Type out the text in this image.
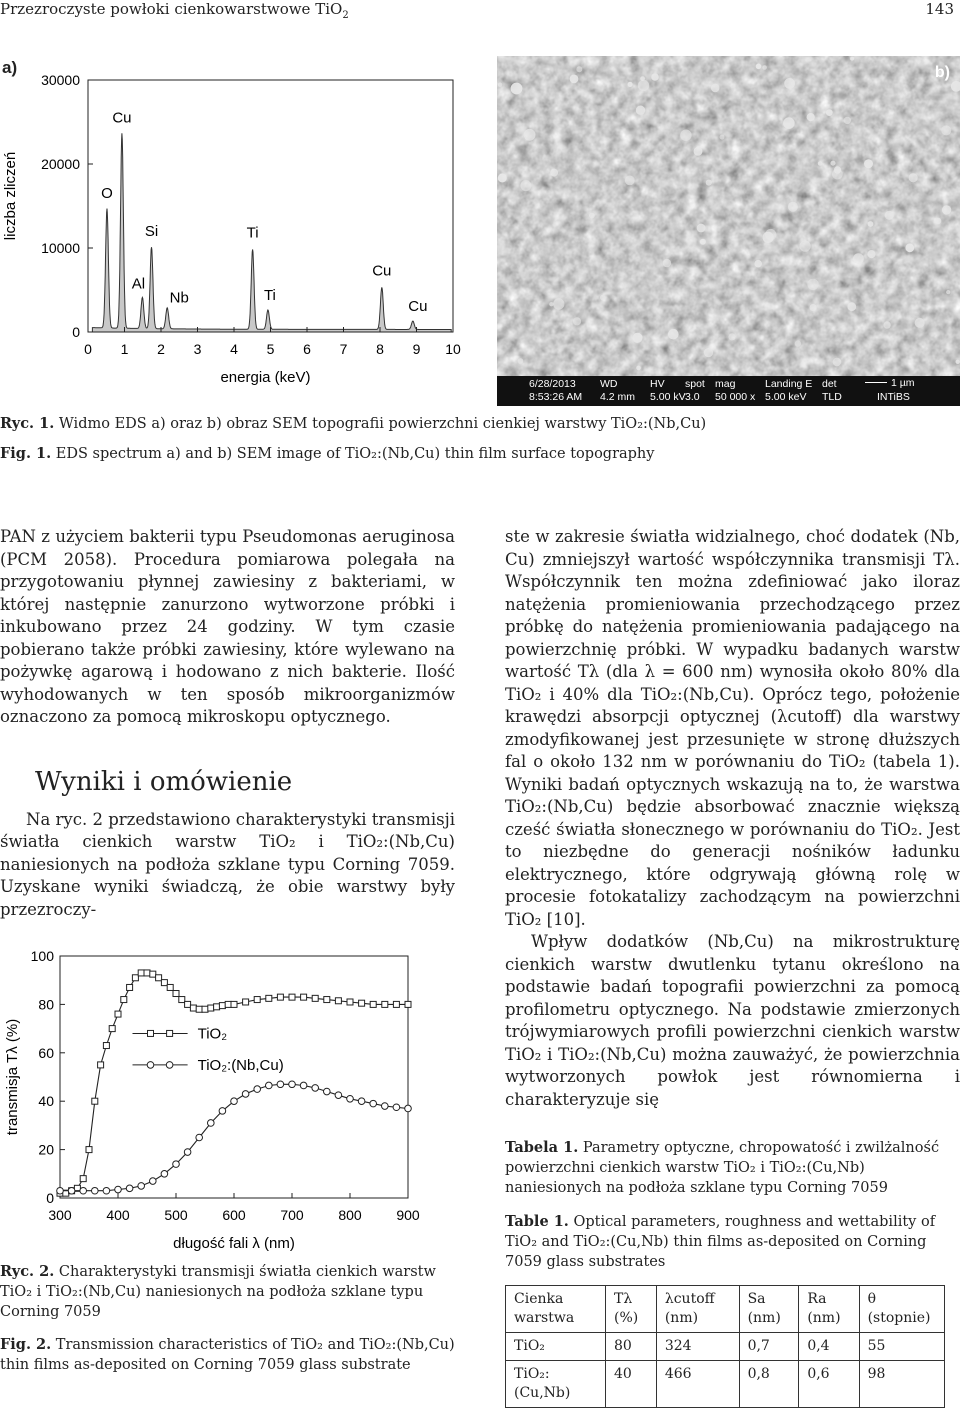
Przezroczyste powłoki cienkowarstwowe TiO$_2$	143
a)
0 1 2 3 4 5 6 7 8 9 10
0
10000
20000
30000
energia (keV)
liczba zliczeń	O
Cu
Al
Si
Nb
Ti
Ti
Cu
Cu
b)
6/28/2013
8:53:26 AM
WD
4.2 mm
HV
5.00 kV
spot
3.0
mag
50 000 x
Landing E
5.00 keV
det
TLD
1 µm
INTiBS
Ryc. 1. Widmo EDS a) oraz b) obraz SEM topografii powierzchni cienkiej warstwy TiO₂:(Nb,Cu)
Fig. 1. EDS spectrum a) and b) SEM image of TiO₂:(Nb,Cu) thin film surface topography

PAN z użyciem bakterii typu Pseudomonas aeruginosa (PCM 2058). Procedura pomiarowa polegała na przygotowaniu płynnej zawiesiny z bakteriami, w której następnie zanurzono wytworzone próbki i inkubowano przez 24 godziny. W tym czasie pobierano także próbki zawiesiny, które wylewano na pożywkę agarową i hodowano z nich bakterie. Ilość wyhodowanych w ten sposób mikroorganizmów oznaczono za pomocą mikroskopu optycznego.

Wyniki i omówienie

Na ryc. 2 przedstawiono charakterystyki transmisji światła cienkich warstw TiO₂ i TiO₂:(Nb,Cu) naniesionych na podłoża szklane typu Corning 7059. Uzyskane wyniki świadczą, że obie warstwy były przezroczy-

300 400 500 600 700 800 900
0
20
40
60
80
100
długość fali λ (nm)
transmisja Tλ (%)	TiO₂
TiO₂:(Nb,Cu)
Ryc. 2. Charakterystyki transmisji światła cienkich warstw TiO₂ i TiO₂:(Nb,Cu) naniesionych na podłoża szklane typu Corning 7059
Fig. 2. Transmission characteristics of TiO₂ and TiO₂:(Nb,Cu) thin films as-deposited on Corning 7059 glass substrate

ste w zakresie światła widzialnego, choć dodatek (Nb, Cu) zmniejszył wartość współczynnika transmisji Tλ. Współczynnik ten można zdefiniować jako iloraz natężenia promieniowania przechodzącego przez próbkę do natężenia promieniowania padającego na powierzchnię próbki. W wypadku badanych warstw wartość Tλ (dla λ = 600 nm) wynosiła około 80% dla TiO₂ i 40% dla TiO₂:(Nb,Cu). Oprócz tego, położenie krawędzi absorpcji optycznej (λcutoff) dla warstwy zmodyfikowanej jest przesunięte w stronę dłuższych fal o około 132 nm w porównaniu do TiO₂ (tabela 1). Wyniki badań optycznych wskazują na to, że warstwa TiO₂:(Nb,Cu) będzie absorbować znacznie większą cześć światła słonecznego w porównaniu do TiO₂. Jest to niezbędne do generacji nośników ładunku elektrycznego, które odgrywają główną rolę w procesie fotokatalizy zachodzącym na powierzchni TiO₂ [10].

Wpływ dodatków (Nb,Cu) na mikrostrukturę cienkich warstw dwutlenku tytanu określono na podstawie badań topografii powierzchni za pomocą profilometru optycznego. Na podstawie zmierzonych trójwymiarowych profili powierzchni cienkich warstw TiO₂ i TiO₂:(Nb,Cu) można zauważyć, że powierzchnia wytworzonych powłok jest równomierna i charakteryzuje się

Tabela 1. Parametry optyczne, chropowatość i zwilżalność powierzchni cienkich warstw TiO₂ i TiO₂:(Cu,Nb) naniesionych na podłoża szklane typu Corning 7059
Table 1. Optical parameters, roughness and wettability of TiO₂ and TiO₂:(Cu,Nb) thin films as-deposited on Corning 7059 glass substrates
Cienka warstwa	Tλ (%)	λcutoff (nm)	Sa (nm)	Ra (nm)	θ (stopnie)
TiO₂	80	324	0,7	0,4	55
TiO₂:(Cu,Nb)	40	466	0,8	0,6	98
